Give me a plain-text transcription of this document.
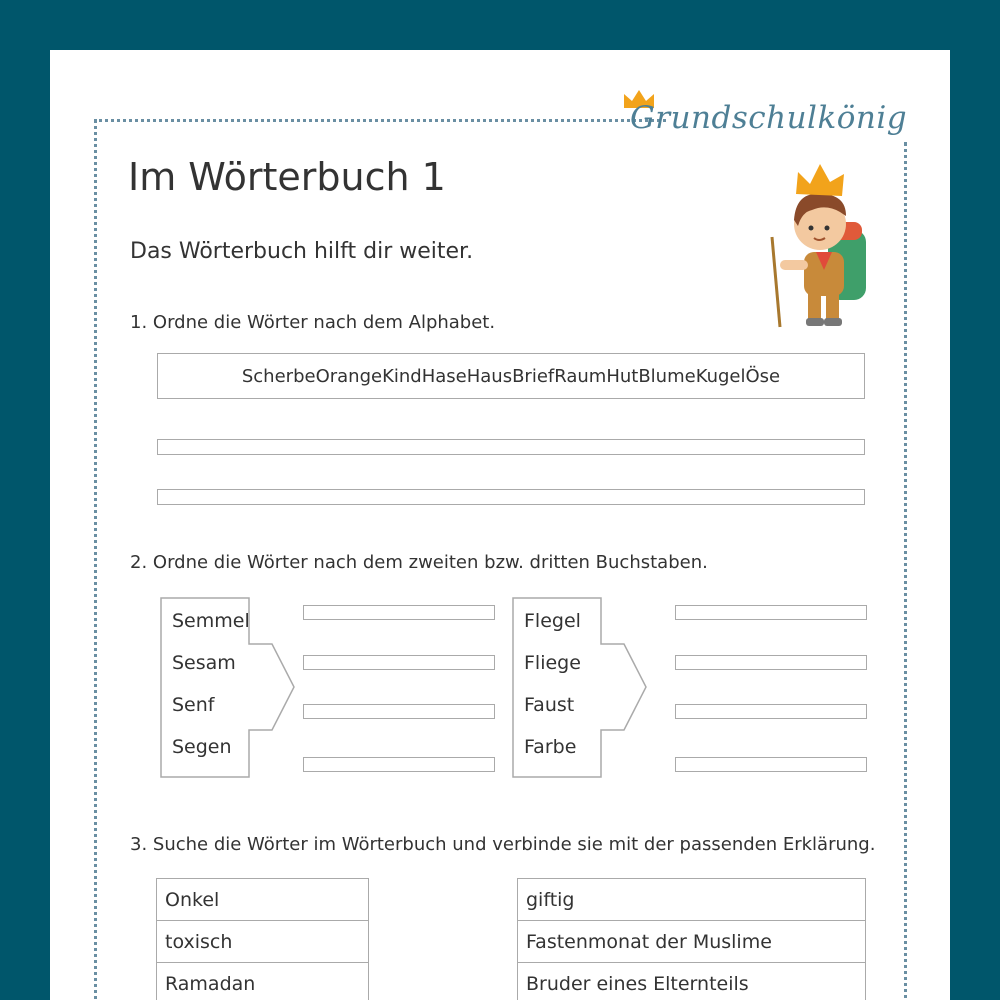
Grundschulkönig
Im Wörterbuch 1
Das Wörterbuch hilft dir weiter.
1. Ordne die Wörter nach dem Alphabet.
ScherbeOrangeKindHaseHausBriefRaumHutBlumeKugelÖse
2. Ordne die Wörter nach dem zweiten bzw. dritten Buchstaben.
Semmel
Sesam
Senf
Segen
Flegel
Fliege
Faust
Farbe
3. Suche die Wörter im Wörterbuch und verbinde sie mit der passenden Erklärung.
Onkel
toxisch
Ramadan
giftig
Fastenmonat der Muslime
Bruder eines Elternteils
